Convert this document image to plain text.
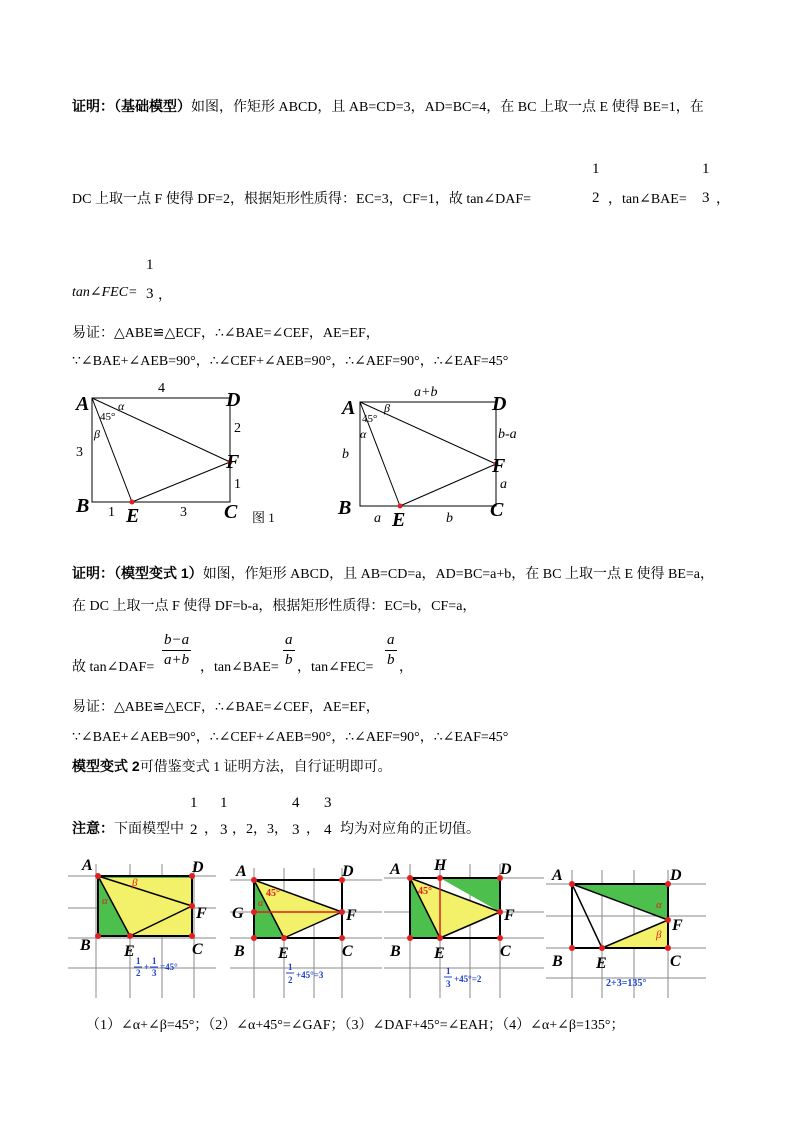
证明：（基础模型）如图，作矩形 ABCD，且 AB=CD=3，AD=BC=4，在 BC 上取一点 E 使得 BE=1，在
DC 上取一点 F 使得 DF=2，根据矩形性质得：EC=3，CF=1，故 tan∠DAF=
1
2 ，tan∠BAE=
1
3 ，
tan∠FEC=
1
3 ，
易证：△ABE≌△ECF，∴∠BAE=∠CEF，AE=EF，
∵∠BAE+∠AEB=90°，∴∠CEF+∠AEB=90°，∴∠AEF=90°，∴∠EAF=45°
A
B	C
D
E
F
4
3
2
1
1	3
α
β
45°
图 1
A
B	C
D
E
F
a+b
b
b-a
a
a	b
β
α
45°
证明：（模型变式 1）如图，作矩形 ABCD，且 AB=CD=a，AD=BC=a+b，在 BC 上取一点 E 使得 BE=a，
在 DC 上取一点 F 使得 DF=b-a，根据矩形性质得：EC=b，CF=a，
故 tan∠DAF=
b−a
a+b ，tan∠BAE=
a
b ，tan∠FEC=
a
b ，
易证：△ABE≌△ECF，∴∠BAE=∠CEF，AE=EF，
∵∠BAE+∠AEB=90°，∴∠CEF+∠AEB=90°，∴∠AEF=90°，∴∠EAF=45°
模型变式 2可借鉴变式 1 证明方法，自行证明即可。
注意：下面模型中
1
2 ，
1
3 ，2，3，
4
3 ，
3
4 均为对应角的正切值。
A
B	C
D
E
F
α
β
1
2
+
1
3
=45°
A
B	C
D
E
F
G
α
45°
1
2 +45°=3
A
B	C
D
E
F
H
45°
1
3 +45°=2
A
B	C
D
E
F
α
β
2+3=135°
（1）∠α+∠β=45°；（2）∠α+45°=∠GAF；（3）∠DAF+45°=∠EAH；（4）∠α+∠β=135°；
